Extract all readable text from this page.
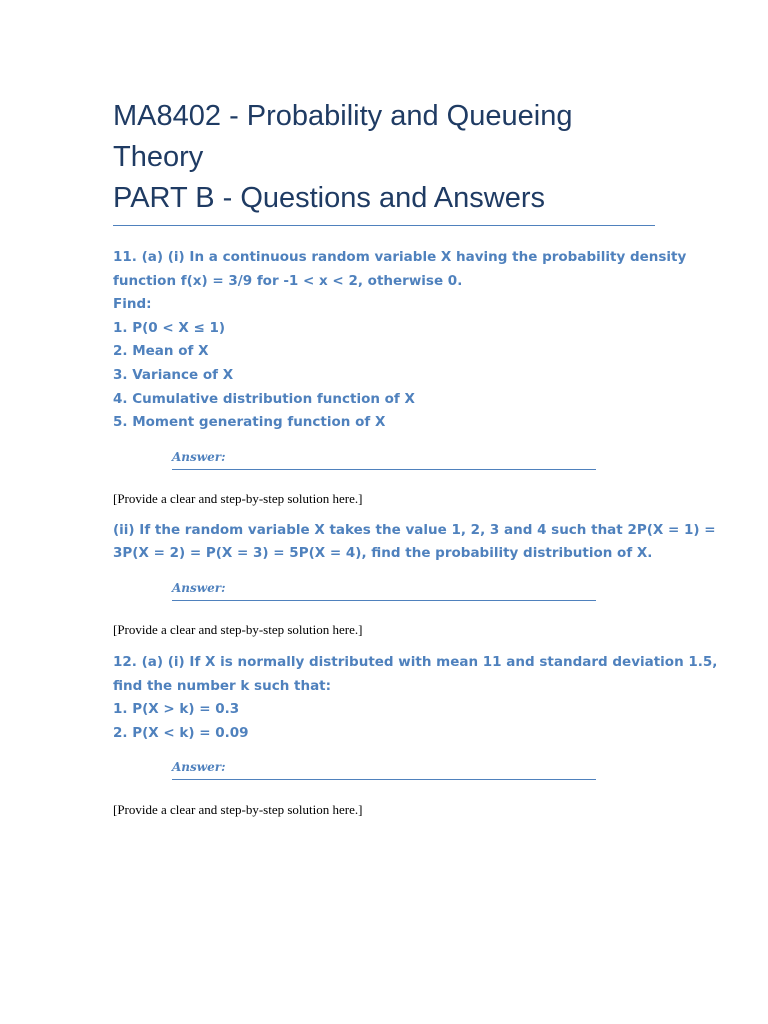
MA8402 - Probability and Queueing
Theory
PART B - Questions and Answers
11. (a) (i) In a continuous random variable X having the probability density
function f(x) = 3/9 for -1 < x < 2, otherwise 0.
Find:
1. P(0 < X ≤ 1)
2. Mean of X
3. Variance of X
4. Cumulative distribution function of X
5. Moment generating function of X
Answer:

[Provide a clear and step-by-step solution here.]

(ii) If the random variable X takes the value 1, 2, 3 and 4 such that 2P(X = 1) =
3P(X = 2) = P(X = 3) = 5P(X = 4), find the probability distribution of X.
Answer:

[Provide a clear and step-by-step solution here.]

12. (a) (i) If X is normally distributed with mean 11 and standard deviation 1.5,
find the number k such that:
1. P(X > k) = 0.3
2. P(X < k) = 0.09
Answer:

[Provide a clear and step-by-step solution here.]
